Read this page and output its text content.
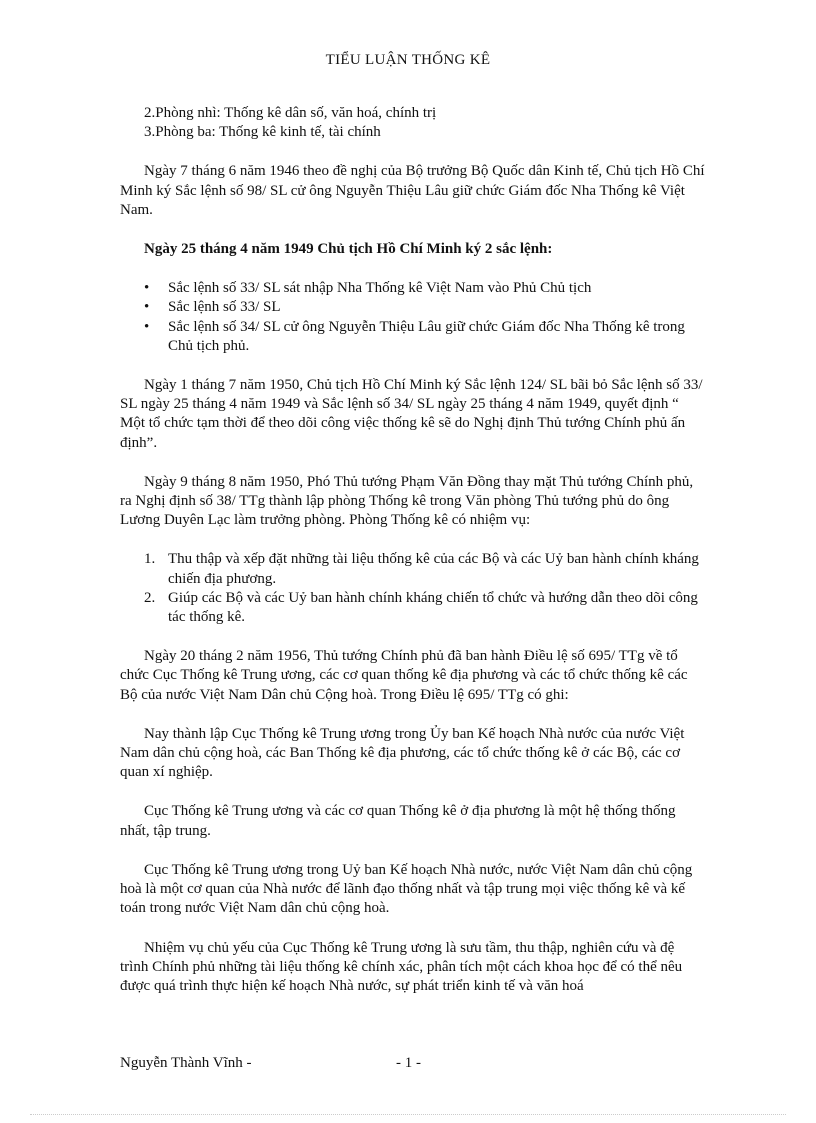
TIỂU LUẬN THỐNG KÊ

2.Phòng nhì: Thống kê dân số, văn hoá, chính trị

3.Phòng ba: Thống kê kinh tế, tài chính

Ngày 7 tháng 6 năm 1946 theo đề nghị của Bộ trưởng Bộ Quốc dân Kinh tế, Chủ tịch Hồ Chí Minh ký Sắc lệnh số 98/ SL cử ông Nguyễn Thiệu Lâu giữ chức Giám đốc Nha Thống kê Việt Nam.

Ngày 25 tháng 4 năm 1949 Chủ tịch Hồ Chí Minh ký 2 sắc lệnh:

• Sắc lệnh số 33/ SL sát nhập Nha Thống kê Việt Nam vào Phủ Chủ tịch
• Sắc lệnh số 33/ SL
• Sắc lệnh số 34/ SL cử ông Nguyễn Thiệu Lâu giữ chức Giám đốc Nha Thống kê trong Chủ tịch phủ.

Ngày 1 tháng 7 năm 1950, Chủ tịch Hồ Chí Minh ký Sắc lệnh 124/ SL bãi bỏ Sắc lệnh số 33/ SL ngày 25 tháng 4 năm 1949 và Sắc lệnh số 34/ SL ngày 25 tháng 4 năm 1949, quyết định “ Một tổ chức tạm thời để theo dõi công việc thống kê sẽ do Nghị định Thủ tướng Chính phủ ấn định”.

Ngày 9 tháng 8 năm 1950, Phó Thủ tướng Phạm Văn Đồng thay mặt Thủ tướng Chính phủ, ra Nghị định số 38/ TTg thành lập phòng Thống kê trong Văn phòng Thủ tướng phủ do ông Lương Duyên Lạc làm trưởng phòng. Phòng Thống kê có nhiệm vụ:

1. Thu thập và xếp đặt những tài liệu thống kê của các Bộ và các Uỷ ban hành chính kháng chiến địa phương.
2. Giúp các Bộ và các Uỷ ban hành chính kháng chiến tổ chức và hướng dẫn theo dõi công tác thống kê.

Ngày 20 tháng 2 năm 1956, Thủ tướng Chính phủ đã ban hành Điều lệ số 695/ TTg về tổ chức Cục Thống kê Trung ương, các cơ quan thống kê địa phương và các tổ chức thống kê các Bộ của nước Việt Nam Dân chủ Cộng hoà. Trong Điều lệ 695/ TTg có ghi:

Nay thành lập Cục Thống kê Trung ương trong Ủy ban Kế hoạch Nhà nước của nước Việt Nam dân chủ cộng hoà, các Ban Thống kê địa phương, các tổ chức thống kê ở các Bộ, các cơ quan xí nghiệp.

Cục Thống kê Trung ương và các cơ quan Thống kê ở địa phương là một hệ thống thống nhất, tập trung.

Cục Thống kê Trung ương trong Uỷ ban Kế hoạch Nhà nước, nước Việt Nam dân chủ cộng hoà là một cơ quan của Nhà nước để lãnh đạo thống nhất và tập trung mọi việc thống kê và kế toán trong nước Việt Nam dân chủ cộng hoà.

Nhiệm vụ chủ yếu của Cục Thống kê Trung ương là sưu tầm, thu thập, nghiên cứu và đệ trình Chính phủ những tài liệu thống kê chính xác, phân tích một cách khoa học để có thể nêu được quá trình thực hiện kế hoạch Nhà nước, sự phát triển kinh tế và văn hoá

Nguyễn Thành Vĩnh -	- 1 -
